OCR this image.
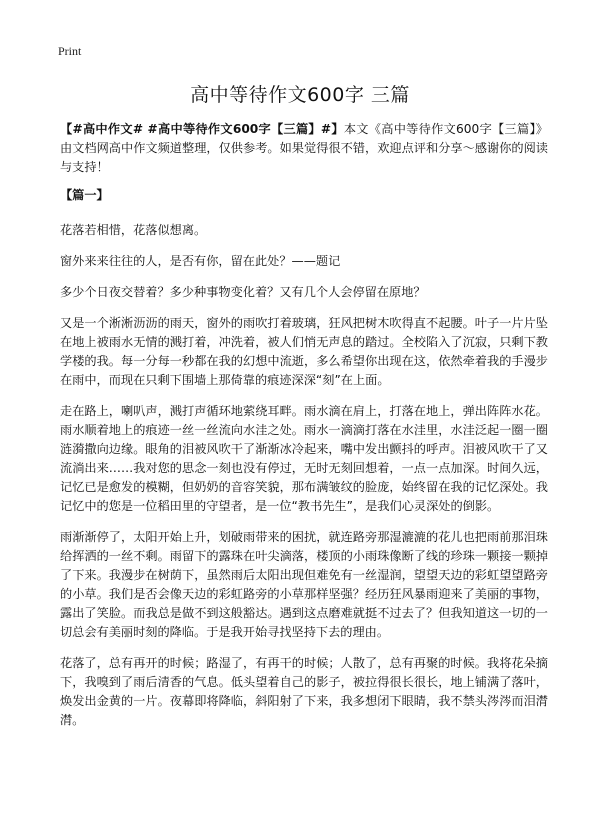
Print
高中等待作文600字 三篇

【#高中作文# #高中等待作文600字【三篇】#】本文《高中等待作文600字【三篇】》由文档网高中作文频道整理，仅供参考。如果觉得很不错，欢迎点评和分享～感谢你的阅读与支持！

【篇一】

花落若相惜，花落似想离。

窗外来来往往的人，是否有你，留在此处？——题记

多少个日夜交替着？多少种事物变化着？又有几个人会停留在原地？

又是一个淅淅沥沥的雨天，窗外的雨吹打着玻璃，狂风把树木吹得直不起腰。叶子一片片坠在地上被雨水无情的溅打着，冲洗着，被人们悄无声息的踏过。全校陷入了沉寂，只剩下教学楼的我。每一分每一秒都在我的幻想中流逝，多么希望你出现在这，依然牵着我的手漫步在雨中，而现在只剩下围墙上那倚靠的痕迹深深“刻”在上面。

走在路上，喇叭声，溅打声循环地萦绕耳畔。雨水滴在肩上，打落在地上，弹出阵阵水花。雨水顺着地上的痕迹一丝一丝流向水洼之处。雨水一滴滴打落在水洼里，水洼泛起一圈一圈涟漪撒向边缘。眼角的泪被风吹干了渐渐冰冷起来，嘴中发出颤抖的呼声。泪被风吹干了又流淌出来……我对您的思念一刻也没有停过，无时无刻回想着，一点一点加深。时间久远，记忆已是愈发的模糊，但奶奶的音容笑貌，那布满皱纹的脸庞，始终留在我的记忆深处。我记忆中的您是一位稻田里的守望者，是一位“教书先生”，是我们心灵深处的倒影。

雨渐渐停了，太阳开始上升，划破雨带来的困扰，就连路旁那湿漉漉的花儿也把雨前那泪珠给挥洒的一丝不剩。雨留下的露珠在叶尖滴落，楼顶的小雨珠像断了线的珍珠一颗接一颗掉了下来。我漫步在树荫下，虽然雨后太阳出现但难免有一丝湿润，望望天边的彩虹望望路旁的小草。我们是否会像天边的彩虹路旁的小草那样坚强？经历狂风暴雨迎来了美丽的事物，露出了笑脸。而我总是做不到这般豁达。遇到这点磨难就挺不过去了？但我知道这一切的一切总会有美丽时刻的降临。于是我开始寻找坚持下去的理由。

花落了，总有再开的时候；路湿了，有再干的时候；人散了，总有再聚的时候。我将花朵摘下，我嗅到了雨后清香的气息。低头望着自己的影子，被拉得很长很长，地上铺满了落叶，焕发出金黄的一片。夜幕即将降临，斜阳射了下来，我多想闭下眼睛，我不禁头涔涔而泪潸潸。
